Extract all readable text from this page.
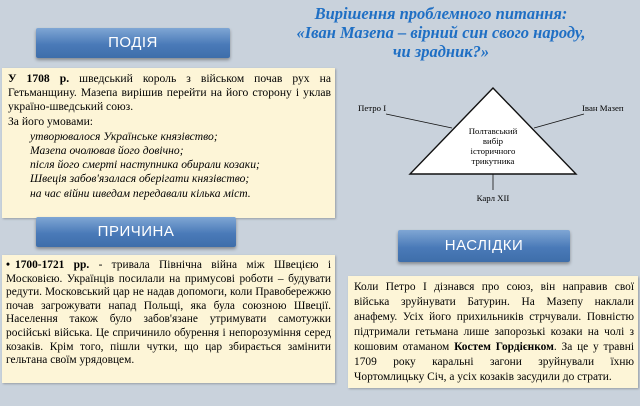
Вирішення проблемного питання:
«Іван Мазепа – вірний син свого народу,
чи зрадник?»
ПОДІЯ

У 1708 р. шведський король з військом почав рух на Гетьманщину. Мазепа вирішив перейти на його сторону і уклав україно-шведський союз.

За його умовами:

утворювалося Українське князівство;
Мазепа очолював його довічно;
після його смерті наступника обирали козаки;
Швеція забов'язалася оберігати князівство;
на час війни шведам передавали кілька міст.
ПРИЧИНА

• 1700-1721 рр. - тривала Північна війна між Швецією і Московією. Українців посилали на примусові роботи – будувати редути. Московський цар не надав допомоги, коли Правобережжю почав загрожувати напад Польщі, яка була союзною Швеції. Населення також було забов'язане утримувати самотужки російські війська. Це спричинило обурення і непорозуміння серед козаків. Крім того, пішли чутки, що цар збирається замінити гельтана своїм урядовцем.

Петро І	Іван Мазеп
Карл ХІІ
Полтавський
вибір
історичного
трикутника
НАСЛІДКИ

Коли Петро І дізнався про союз, він направив свої війська зруйнувати Батурин. На Мазепу наклали анафему. Усіх його прихильників стрчували. Повністю підтримали гетьмана лише запорозькі козаки на чолі з кошовим отаманом Костем Гордієнком. За це у травні 1709 року каральні загони зруйнували їхню Чортомлицьку Січ, а усіх козаків засудили до страти.
